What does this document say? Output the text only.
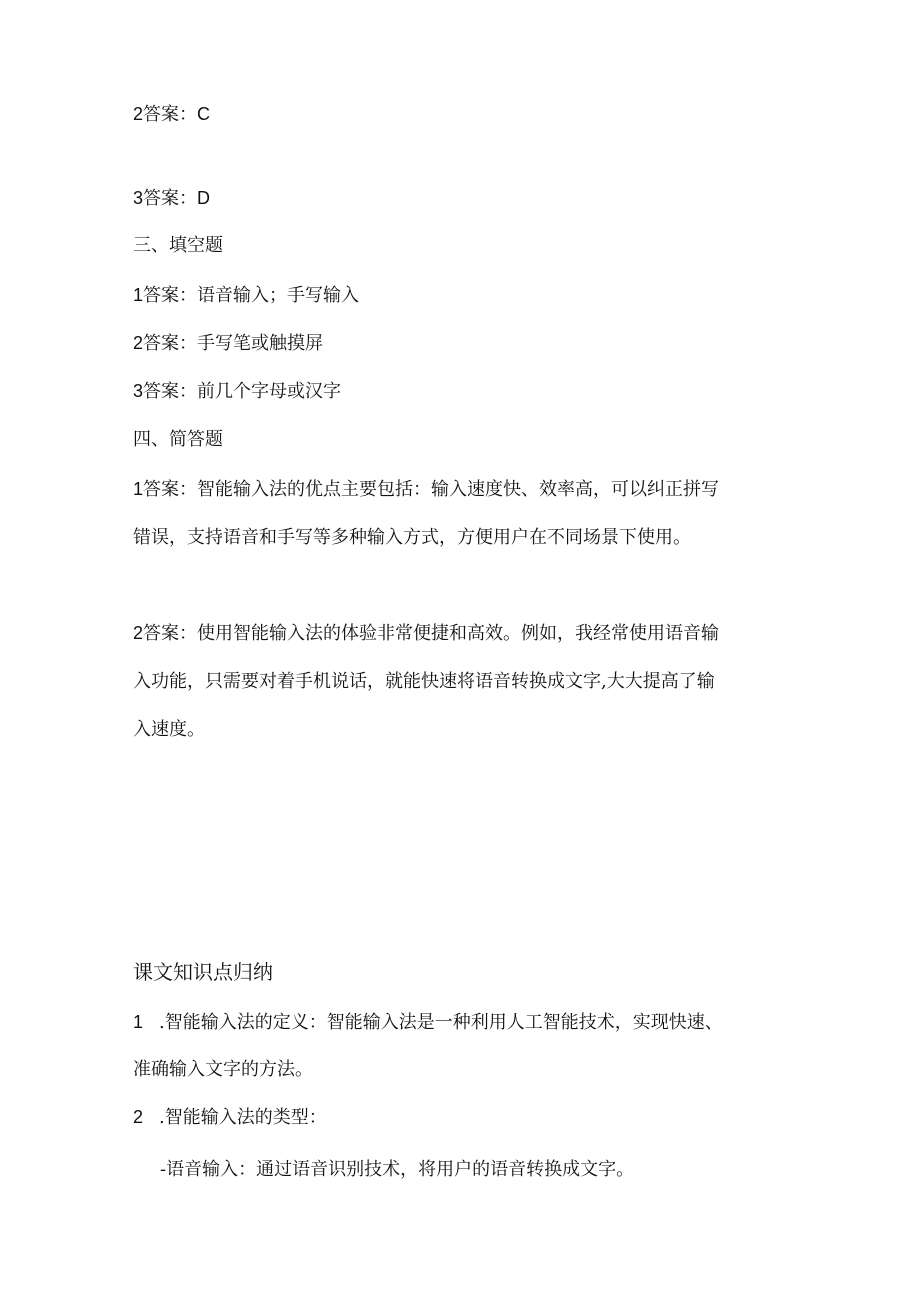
2答案：C
3答案：D
三、填空题
1答案：语音输入；手写输入
2答案：手写笔或触摸屏
3答案：前几个字母或汉字
四、简答题
1答案：智能输入法的优点主要包括：输入速度快、效率高，可以纠正拼写
错误，支持语音和手写等多种输入方式，方便用户在不同场景下使用。
2答案：使用智能输入法的体验非常便捷和高效。例如，我经常使用语音输
入功能，只需要对着手机说话，就能快速将语音转换成文字,大大提高了输
入速度。
课文知识点归纳
1 .智能输入法的定义：智能输入法是一种利用人工智能技术，实现快速、
准确输入文字的方法。
2 .智能输入法的类型：
-语音输入：通过语音识别技术，将用户的语音转换成文字。
